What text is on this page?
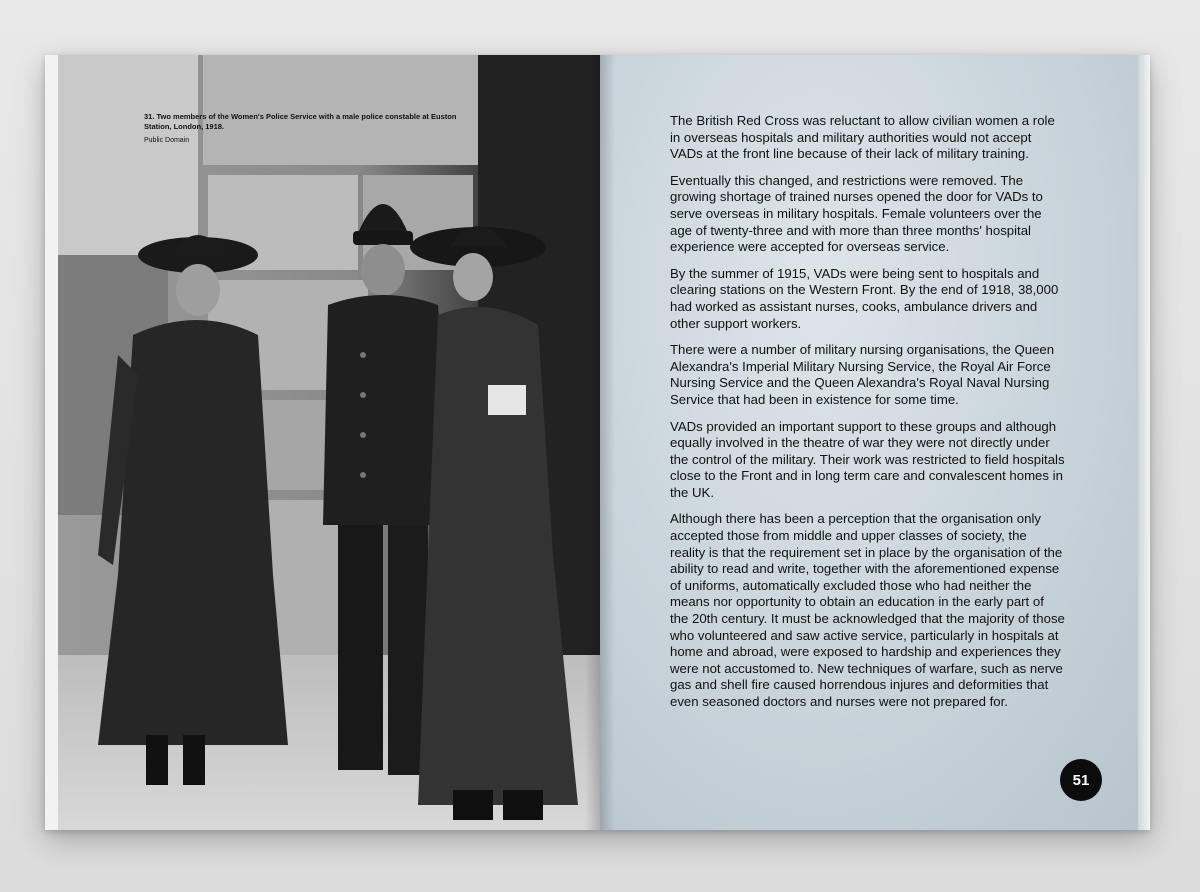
31. Two members of the Women's Police Service with a male police constable at Euston Station, London, 1918.

Public Domain

The British Red Cross was reluctant to allow civilian women a role in overseas hospitals and military authorities would not accept VADs at the front line because of their lack of military training.

Eventually this changed, and restrictions were removed. The growing shortage of trained nurses opened the door for VADs to serve overseas in military hospitals. Female volunteers over the age of twenty-three and with more than three months' hospital experience were accepted for overseas service.

By the summer of 1915, VADs were being sent to hospitals and clearing stations on the Western Front. By the end of 1918, 38,000 had worked as assistant nurses, cooks, ambulance drivers and other support workers.

There were a number of military nursing organisations, the Queen Alexandra's Imperial Military Nursing Service, the Royal Air Force Nursing Service and the Queen Alexandra's Royal Naval Nursing Service that had been in existence for some time.

VADs provided an important support to these groups and although equally involved in the theatre of war they were not directly under the control of the military. Their work was restricted to field hospitals close to the Front and in long term care and convalescent homes in the UK.

Although there has been a perception that the organisation only accepted those from middle and upper classes of society, the reality is that the requirement set in place by the organisation of the ability to read and write, together with the aforementioned expense of uniforms, automatically excluded those who had neither the means nor opportunity to obtain an education in the early part of the 20th century. It must be acknowledged that the majority of those who volunteered and saw active service, particularly in hospitals at home and abroad, were exposed to hardship and experiences they were not accustomed to. New techniques of warfare, such as nerve gas and shell fire caused horrendous injures and deformities that even seasoned doctors and nurses were not prepared for.

51
